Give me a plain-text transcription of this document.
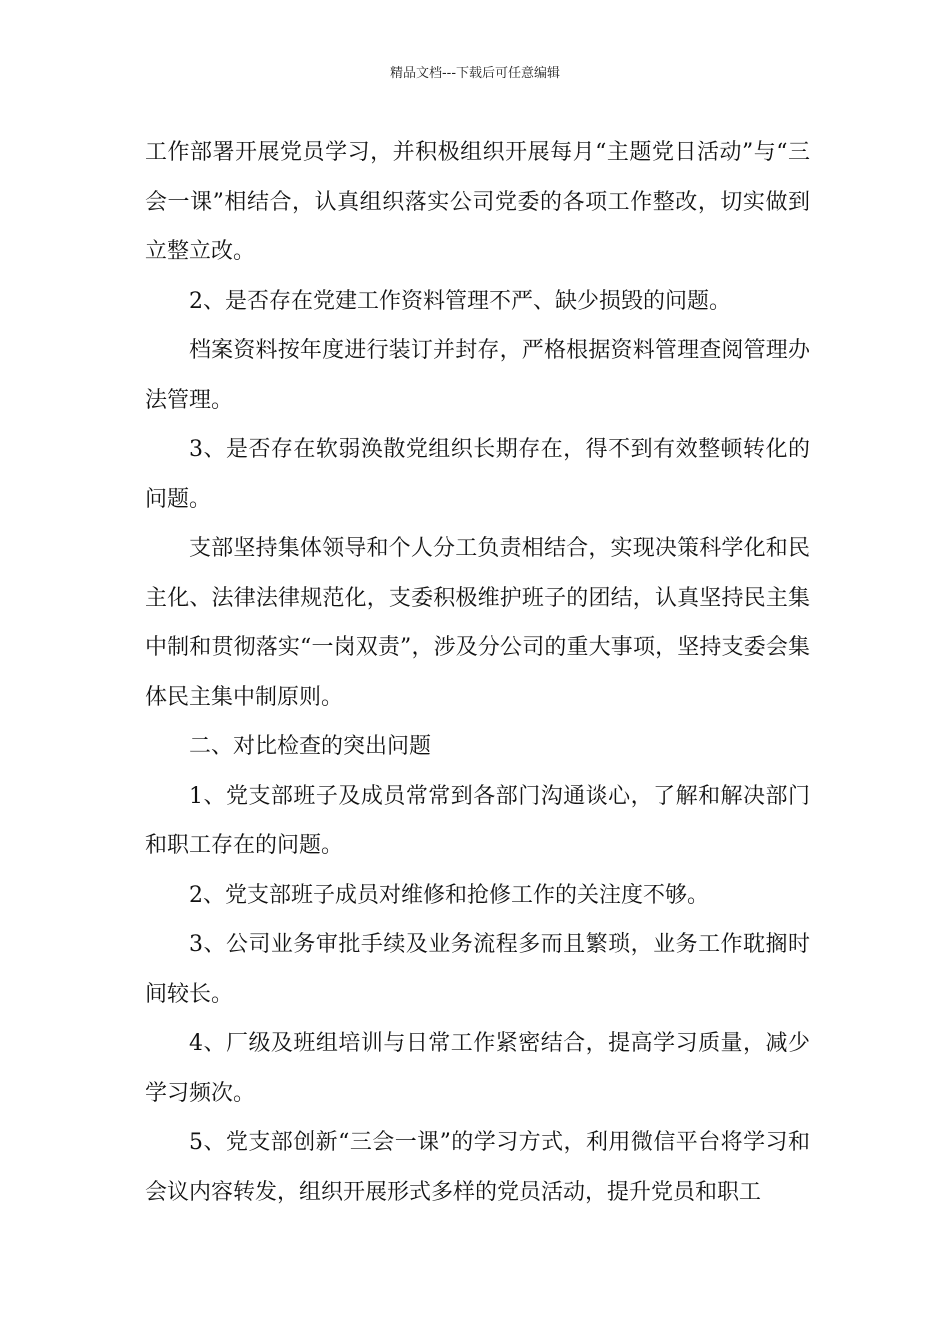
精品文档---下载后可任意编辑

工作部署开展党员学习，并积极组织开展每月“主题党日活动”与“三会一课”相结合，认真组织落实公司党委的各项工作整改，切实做到立整立改。

2、是否存在党建工作资料管理不严、缺少损毁的问题。

档案资料按年度进行装订并封存，严格根据资料管理查阅管理办法管理。

3、是否存在软弱涣散党组织长期存在，得不到有效整顿转化的问题。

支部坚持集体领导和个人分工负责相结合，实现决策科学化和民主化、法律法律规范化，支委积极维护班子的团结，认真坚持民主集中制和贯彻落实“一岗双责”，涉及分公司的重大事项，坚持支委会集体民主集中制原则。

二、对比检查的突出问题

1、党支部班子及成员常常到各部门沟通谈心，了解和解决部门和职工存在的问题。

2、党支部班子成员对维修和抢修工作的关注度不够。

3、公司业务审批手续及业务流程多而且繁琐，业务工作耽搁时间较长。

4、厂级及班组培训与日常工作紧密结合，提高学习质量，减少学习频次。

5、党支部创新“三会一课”的学习方式，利用微信平台将学习和会议内容转发，组织开展形式多样的党员活动，提升党员和职工
